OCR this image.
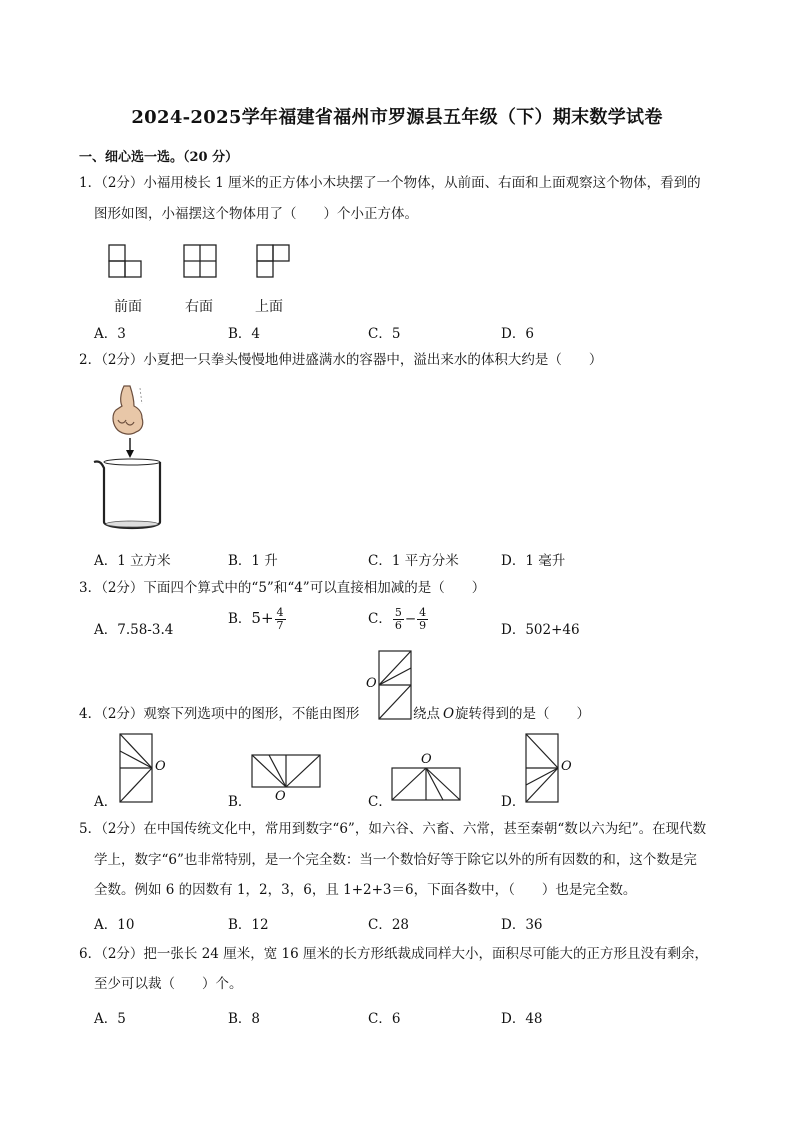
2024-2025学年福建省福州市罗源县五年级（下）期末数学试卷
一、细心选一选。（20 分）
1．（2分）小福用棱长 1 厘米的正方体小木块摆了一个物体，从前面、右面和上面观察这个物体，看到的
图形如图，小福摆这个物体用了（　　）个小正方体。
前面	右面	上面
A．3	B．4	C．5	D．6
2．（2分）小夏把一只拳头慢慢地伸进盛满水的容器中，溢出来水的体积大约是（　　）
A．1 立方米	B．1 升	C．1 平方分米	D．1 毫升
3．（2分）下面四个算式中的“5”和“4”可以直接相加减的是（　　）
A．7.58-3.4
B．$5+ \frac{4}{7}$	C． $\frac{5}{6} - \frac{4}{9}$	D．502+46
4．（2分）观察下列选项中的图形，不能由图形
O
绕点 O 旋转得到的是（　　）
O
A．	O
B．
O
C．
O
D．
5．（2分）在中国传统文化中，常用到数字“6”，如六谷、六畜、六常，甚至秦朝“数以六为纪”。在现代数
学上，数字“6”也非常特别，是一个完全数：当一个数恰好等于除它以外的所有因数的和，这个数是完
全数。例如 6 的因数有 1，2，3，6，且 1+2+3＝6，下面各数中，（　　）也是完全数。
A．10	B．12	C．28	D．36
6．（2分）把一张长 24 厘米，宽 16 厘米的长方形纸裁成同样大小，面积尽可能大的正方形且没有剩余，
至少可以裁（　　）个。
A．5	B．8	C．6	D．48
